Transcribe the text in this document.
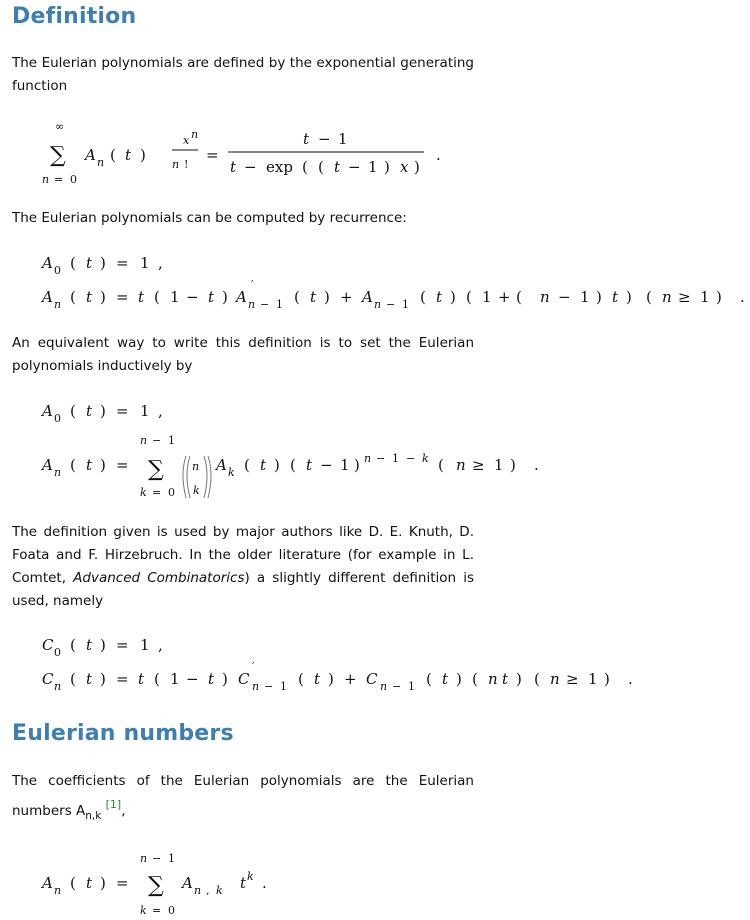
Definition

The Eulerian polynomials are defined by the exponential generating function

∞
∑
n = 0
A n ( t )
x n
n !
=
t − 1
t − exp ( ( t − 1 ) x )
.

The Eulerian polynomials can be computed by recurrence:

A 0 ( t ) = 1 ,
A n ( t ) = t ( 1 − t ) A
′
n − 1 ( t ) + A n − 1 ( t ) ( 1 + ( n − 1 ) t ) ( n ≥ 1 ) .

An equivalent way to write this definition is to set the Eulerian polynomials inductively by

A 0 ( t ) = 1 ,
n − 1
∑
k = 0
A n ( t ) =	n
k
A k ( t ) ( t − 1 ) n − 1 − k ( n ≥ 1 ) .

The definition given is used by major authors like D. E. Knuth, D. Foata and F. Hirzebruch. In the older literature (for example in L. Comtet, Advanced Combinatorics) a slightly different definition is used, namely

C 0 ( t ) = 1 ,
C n ( t ) = t ( 1 − t ) C
′
n − 1 ( t ) + C n − 1 ( t ) ( n t ) ( n ≥ 1 ) .
Eulerian numbers

The coefficients of the Eulerian polynomials are the Eulerian numbers $A_{n,k}$ [1],

n − 1
∑
k = 0
A n ( t ) =	A n , k t k .
